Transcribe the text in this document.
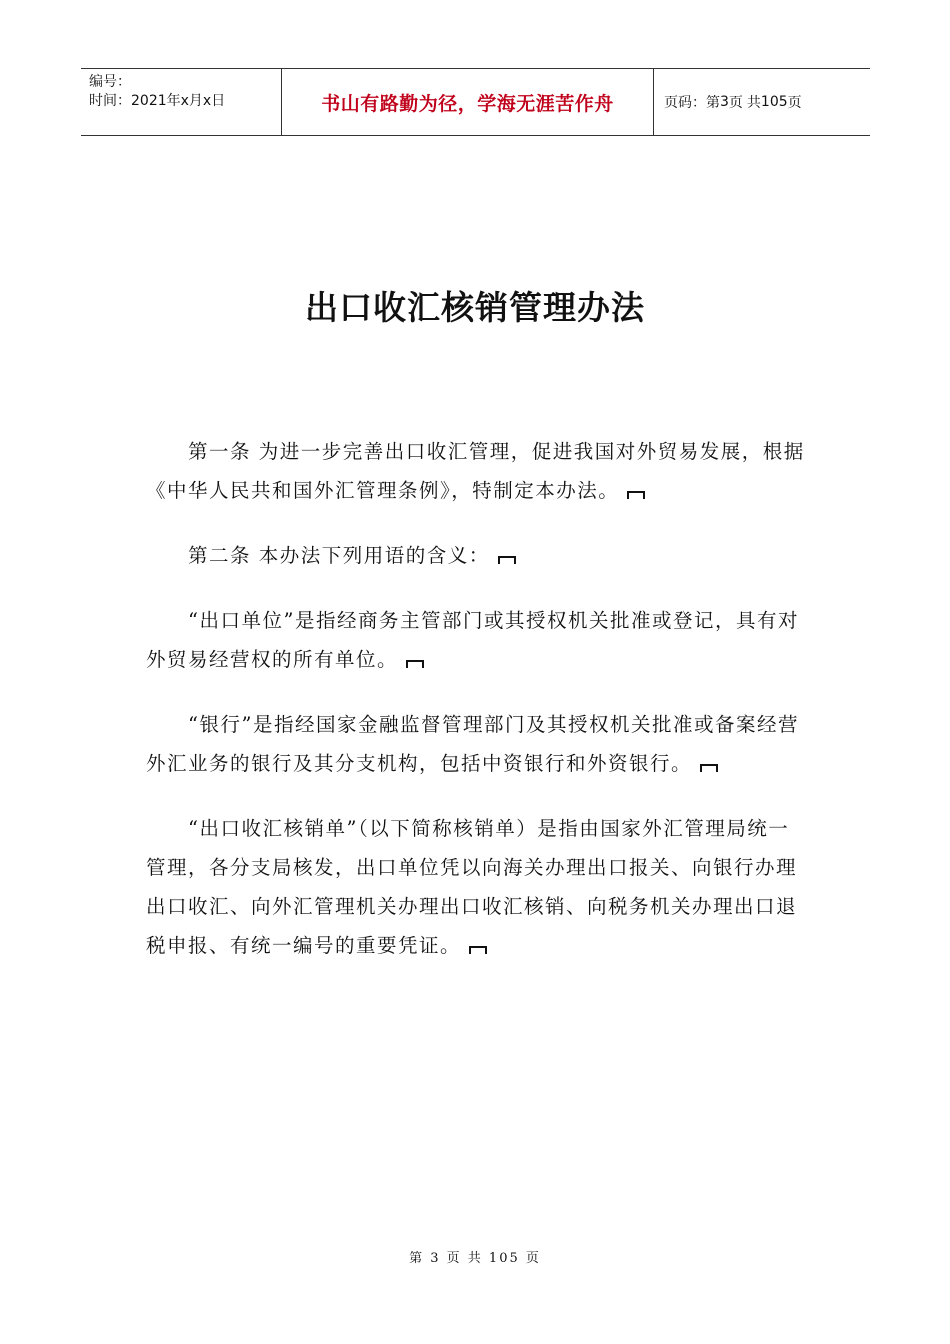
编号：
时间：2021年x月x日	书山有路勤为径，学海无涯苦作舟	页码：第 3 页 共 105 页
出口收汇核销管理办法

第一条 为进一步完善出口收汇管理，促进我国对外贸易发展，根据《中华人民共和国外汇管理条例》，特制定本办法。

第二条 本办法下列用语的含义：

“出口单位”是指经商务主管部门或其授权机关批准或登记，具有对外贸易经营权的所有单位。

“银行”是指经国家金融监督管理部门及其授权机关批准或备案经营外汇业务的银行及其分支机构，包括中资银行和外资银行。

“出口收汇核销单”（以下简称核销单）是指由国家外汇管理局统一管理，各分支局核发，出口单位凭以向海关办理出口报关、向银行办理出口收汇、向外汇管理机关办理出口收汇核销、向税务机关办理出口退税申报、有统一编号的重要凭证。

第 3 页 共 105 页
